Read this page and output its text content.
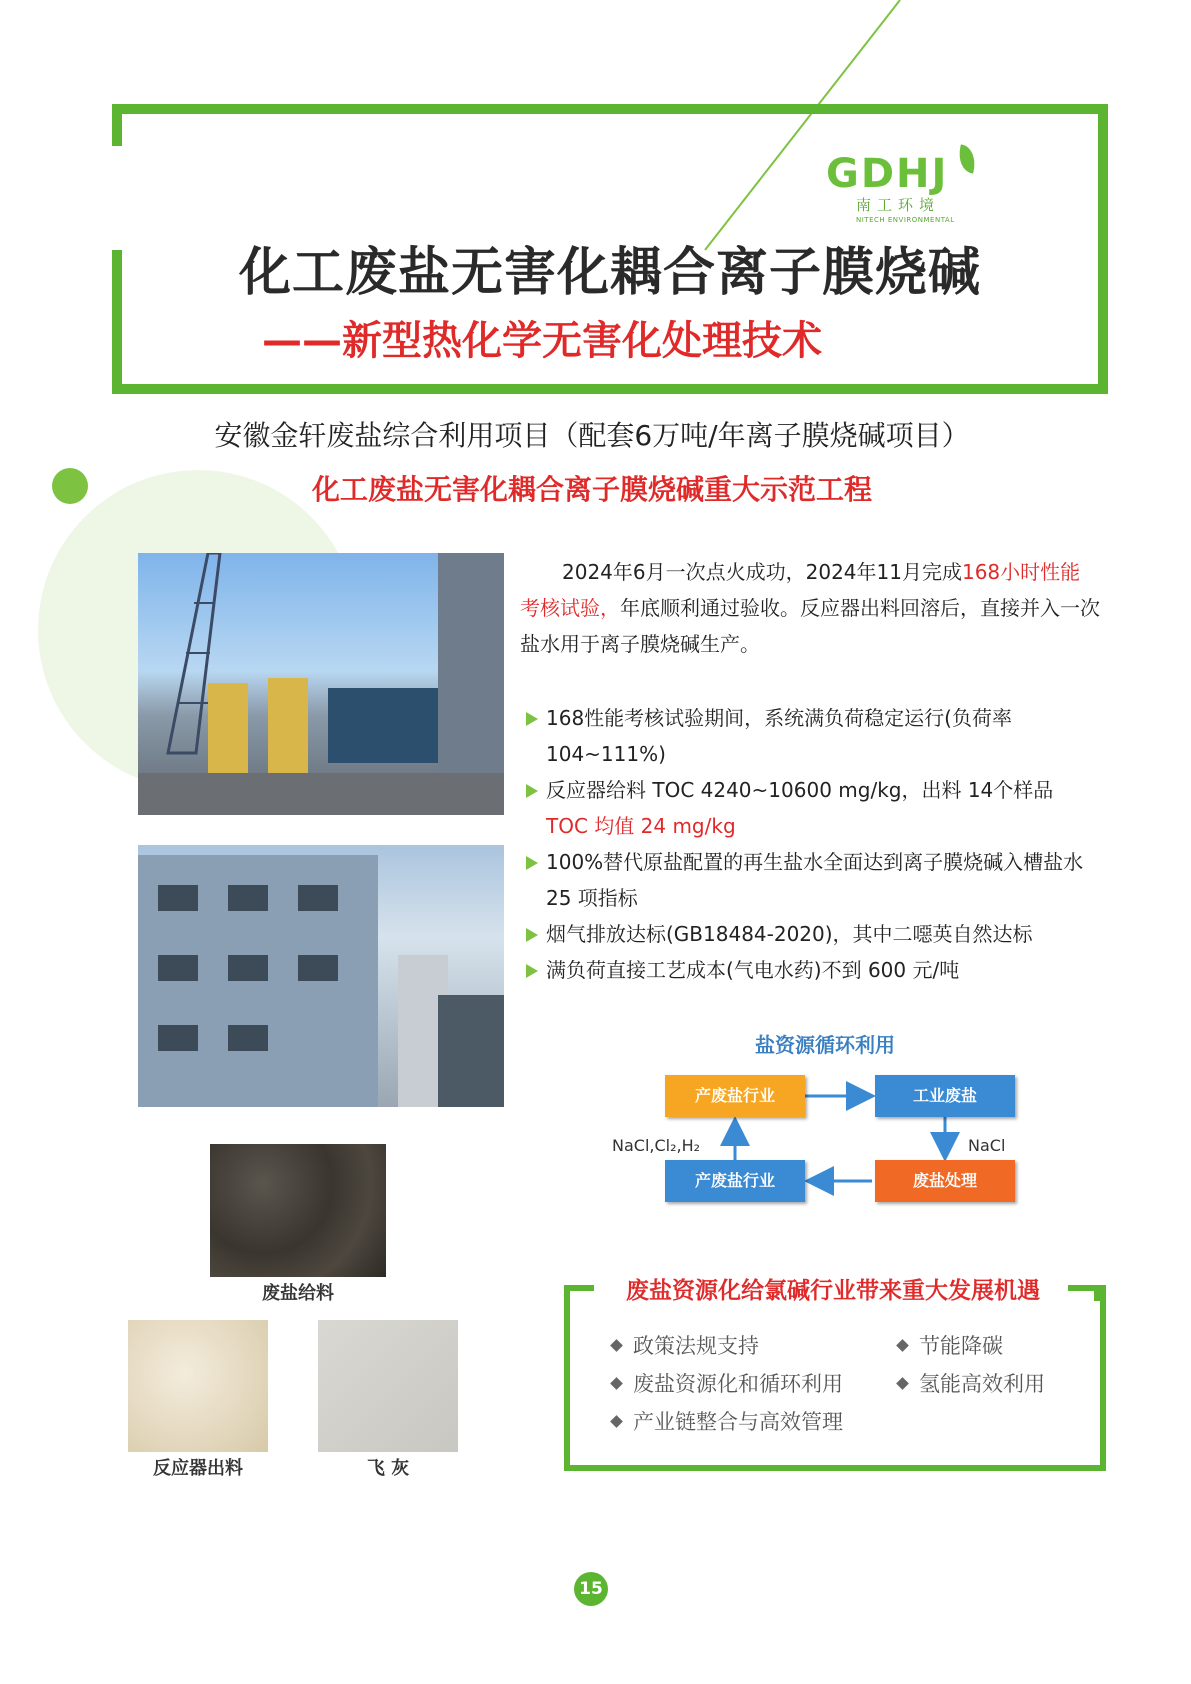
GDHJ
南工环境
NITECH ENVIRONMENTAL
化工废盐无害化耦合离子膜烧碱
——新型热化学无害化处理技术
安徽金轩废盐综合利用项目（配套6万吨/年离子膜烧碱项目）
化工废盐无害化耦合离子膜烧碱重大示范工程
废盐给料
反应器出料	飞 灰
2024年6月一次点火成功，2024年11月完成168小时性能考核试验，年底顺利通过验收。反应器出料回溶后，直接并入一次盐水用于离子膜烧碱生产。
168性能考核试验期间，系统满负荷稳定运行(负荷率104~111%)
反应器给料 TOC 4240~10600 mg/kg，出料 14个样品
TOC 均值 24 mg/kg
100%替代原盐配置的再生盐水全面达到离子膜烧碱入槽盐水 25 项指标
烟气排放达标(GB18484-2020)，其中二噁英自然达标
满负荷直接工艺成本(气电水药)不到 600 元/吨
盐资源循环利用
产废盐行业	工业废盐
产废盐行业	废盐处理
NaCl,Cl₂,H₂	NaCl
废盐资源化给氯碱行业带来重大发展机遇
政策法规支持
废盐资源化和循环利用
产业链整合与高效管理
节能降碳
氢能高效利用
15
